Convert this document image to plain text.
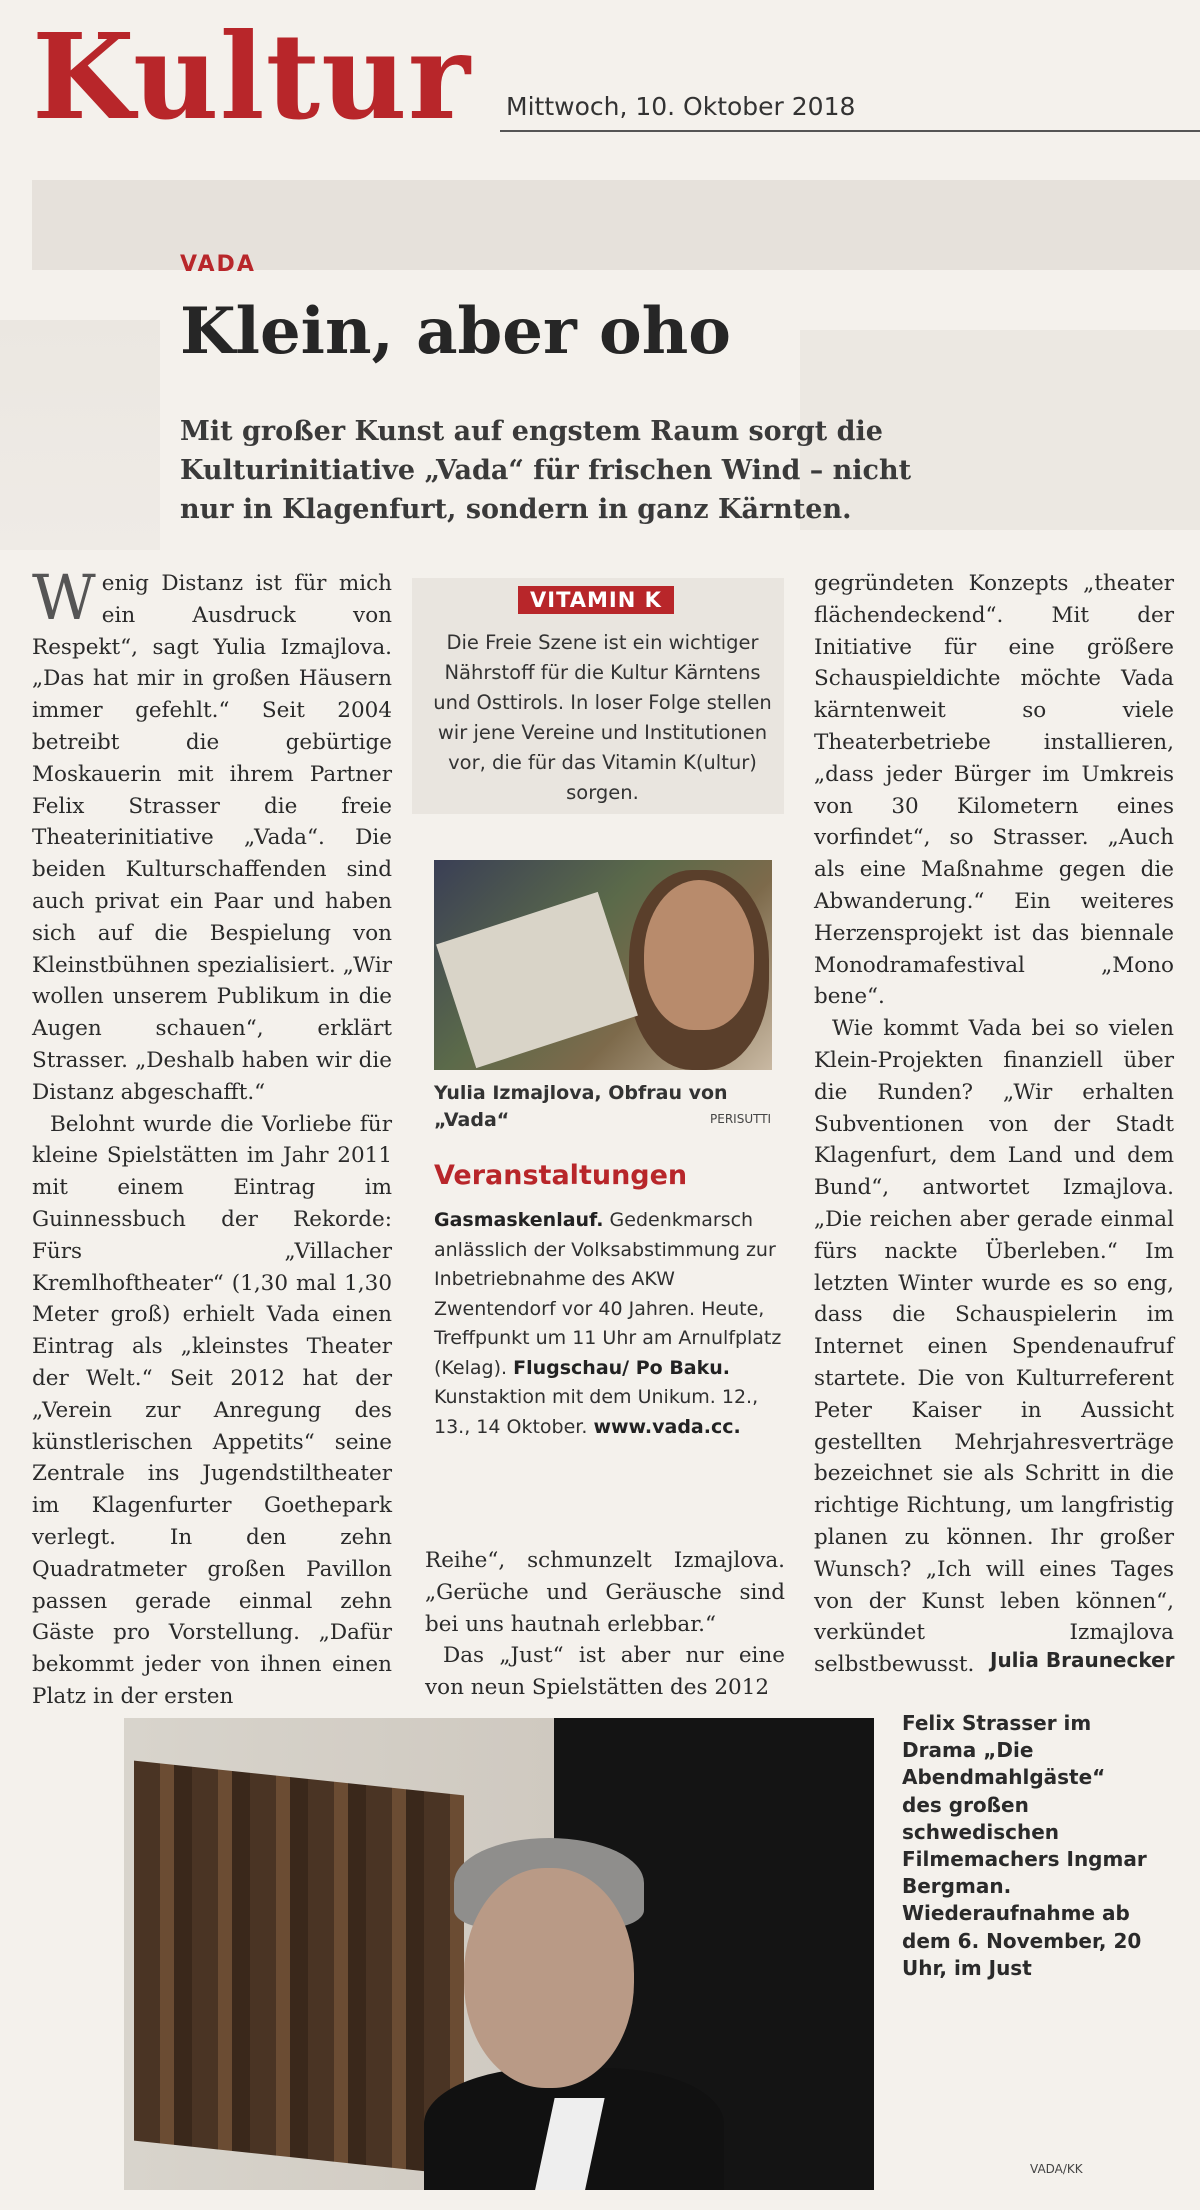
Kultur Mittwoch, 10. Oktober 2018
VADA
Klein, aber oho
Mit großer Kunst auf engstem Raum sorgt die Kulturinitiative „Vada“ für frischen Wind – nicht nur in Klagenfurt, sondern in ganz Kärnten.

Wenig Distanz ist für mich ein Ausdruck von Respekt“, sagt Yulia Izmajlova. „Das hat mir in großen Häusern immer gefehlt.“ Seit 2004 betreibt die gebürtige Moskauerin mit ihrem Partner Felix Strasser die freie Theaterinitiative „Vada“. Die beiden Kulturschaffenden sind auch privat ein Paar und haben sich auf die Bespielung von Kleinstbühnen spezialisiert. „Wir wollen unserem Publikum in die Augen schauen“, erklärt Strasser. „Deshalb haben wir die Distanz abgeschafft.“

Belohnt wurde die Vorliebe für kleine Spielstätten im Jahr 2011 mit einem Eintrag im Guinnessbuch der Rekorde: Fürs „Villacher Kremlhoftheater“ (1,30 mal 1,30 Meter groß) erhielt Vada einen Eintrag als „kleinstes Theater der Welt.“ Seit 2012 hat der „Verein zur Anregung des künstlerischen Appetits“ seine Zentrale ins Jugendstiltheater im Klagenfurter Goethepark verlegt. In den zehn Quadratmeter großen Pavillon passen gerade einmal zehn Gäste pro Vorstellung. „Dafür bekommt jeder von ihnen einen Platz in der ersten

VITAMIN K
Die Freie Szene ist ein wichtiger Nährstoff für die Kultur Kärntens und Osttirols. In loser Folge stellen wir jene Vereine und Institutionen vor, die für das Vitamin K(ultur) sorgen.
Yulia Izmajlova, Obfrau von „Vada“	PERISUTTI
Veranstaltungen
Gasmaskenlauf. Gedenkmarsch anlässlich der Volksabstimmung zur Inbetriebnahme des AKW Zwentendorf vor 40 Jahren. Heute, Treffpunkt um 11 Uhr am Arnulfplatz (Kelag). Flugschau/ Po Baku. Kunstaktion mit dem Unikum. 12., 13., 14 Oktober. www.vada.cc.

Reihe“, schmunzelt Izmajlova. „Gerüche und Geräusche sind bei uns hautnah erlebbar.“

Das „Just“ ist aber nur eine von neun Spielstätten des 2012

gegründeten Konzepts „theater flächendeckend“. Mit der Initiative für eine größere Schauspieldichte möchte Vada kärntenweit so viele Theaterbetriebe installieren, „dass jeder Bürger im Umkreis von 30 Kilometern eines vorfindet“, so Strasser. „Auch als eine Maßnahme gegen die Abwanderung.“ Ein weiteres Herzensprojekt ist das biennale Monodramafestival „Mono bene“.

Wie kommt Vada bei so vielen Klein-Projekten finanziell über die Runden? „Wir erhalten Subventionen von der Stadt Klagenfurt, dem Land und dem Bund“, antwortet Izmajlova. „Die reichen aber gerade einmal fürs nackte Überleben.“ Im letzten Winter wurde es so eng, dass die Schauspielerin im Internet einen Spendenaufruf startete. Die von Kulturreferent Peter Kaiser in Aussicht gestellten Mehrjahresverträge bezeichnet sie als Schritt in die richtige Richtung, um langfristig planen zu können. Ihr großer Wunsch? „Ich will eines Tages von der Kunst leben können“, verkündet Izmajlova selbstbewusst. Julia Braunecker
Felix Strasser im Drama „Die Abendmahlgäste“ des großen schwedischen Filmemachers Ingmar Bergman. Wiederaufnahme ab dem 6. November, 20 Uhr, im Just
VADA/KK
